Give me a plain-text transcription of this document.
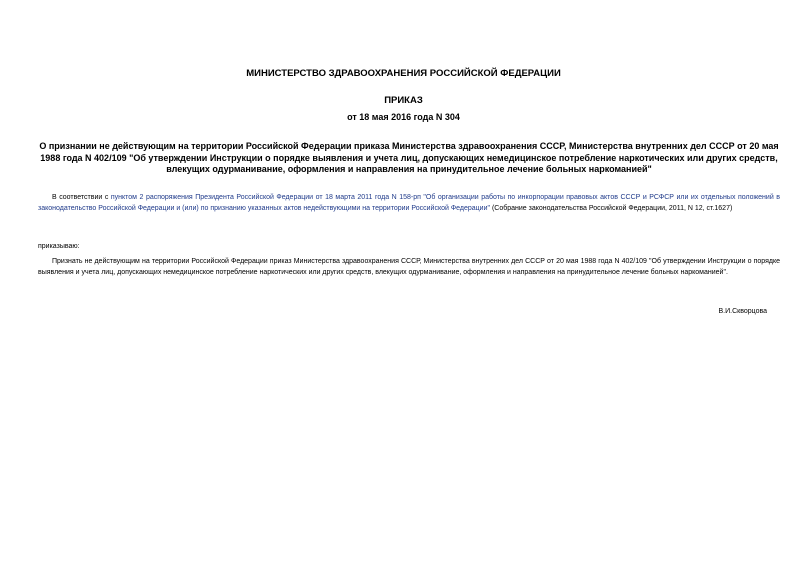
МИНИСТЕРСТВО ЗДРАВООХРАНЕНИЯ РОССИЙСКОЙ ФЕДЕРАЦИИ
ПРИКАЗ
от 18 мая 2016 года N 304
О признании не действующим на территории Российской Федерации приказа Министерства здравоохранения СССР, Министерства внутренних дел СССР от 20 мая 1988 года N 402/109 "Об утверждении Инструкции о порядке выявления и учета лиц, допускающих немедицинское потребление наркотических или других средств, влекущих одурманивание, оформления и направления на принудительное лечение больных наркоманией"
В соответствии с пунктом 2 распоряжения Президента Российской Федерации от 18 марта 2011 года N 158-рп "Об организации работы по инкорпорации правовых актов СССР и РСФСР или их отдельных положений в законодательство Российской Федерации и (или) по признанию указанных актов недействующими на территории Российской Федерации" (Собрание законодательства Российской Федерации, 2011, N 12, ст.1627)
приказываю:
Признать не действующим на территории Российской Федерации приказ Министерства здравоохранения СССР, Министерства внутренних дел СССР от 20 мая 1988 года N 402/109 "Об утверждении Инструкции о порядке выявления и учета лиц, допускающих немедицинское потребление наркотических или других средств, влекущих одурманивание, оформления и направления на принудительное лечение больных наркоманией".
В.И.Скворцова
